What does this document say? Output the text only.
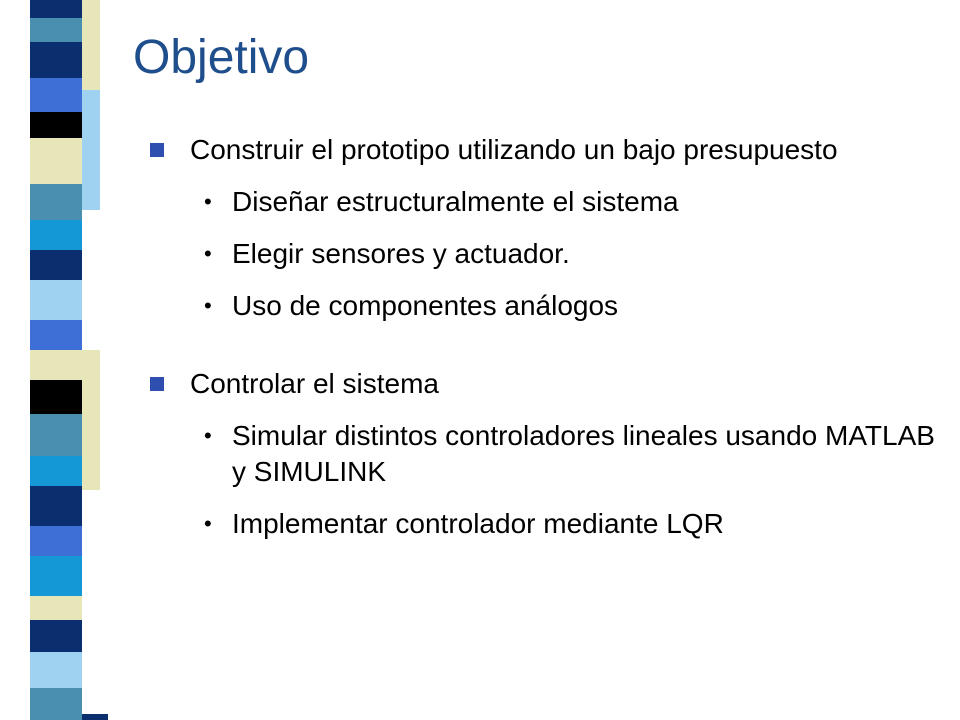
Objetivo
Construir el prototipo utilizando un bajo presupuesto
• Diseñar estructuralmente el sistema
• Elegir sensores y actuador.
• Uso de componentes análogos
Controlar el sistema
• Simular distintos controladores lineales usando MATLAB y SIMULINK
• Implementar controlador mediante LQR
